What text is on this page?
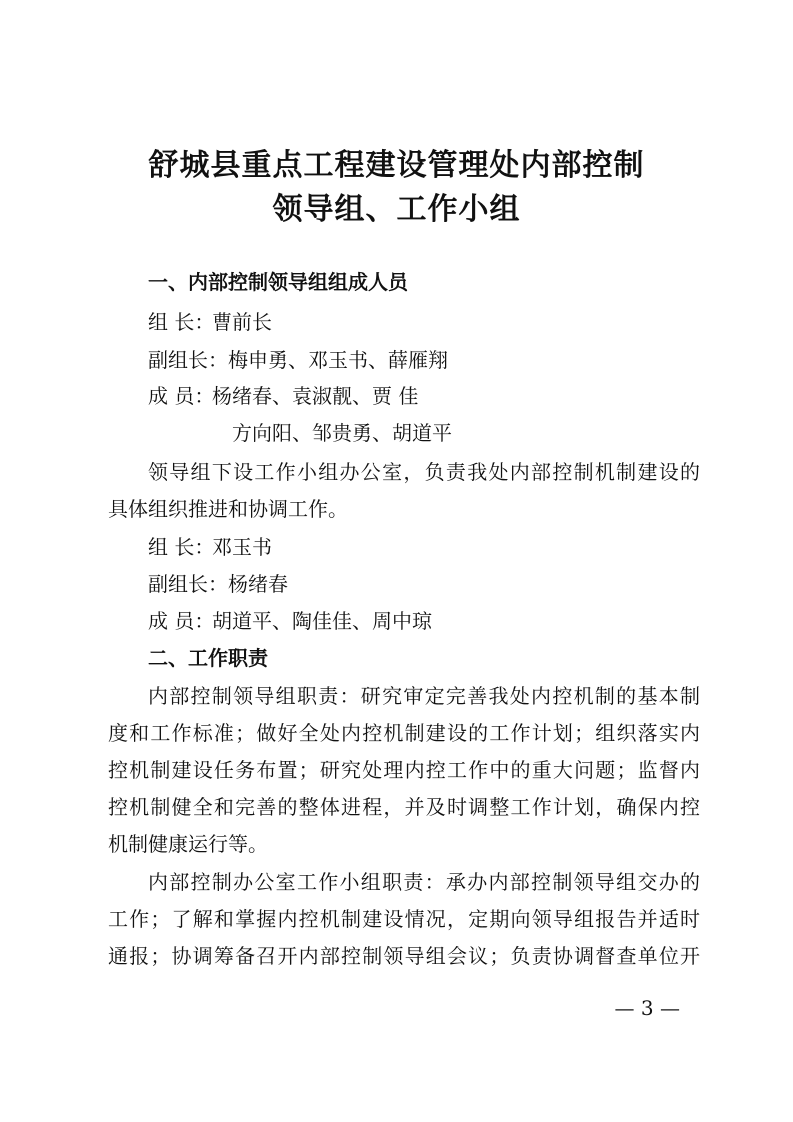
舒城县重点工程建设管理处内部控制
领导组、工作小组
一、内部控制领导组组成人员
组 长：曹前长
副组长：梅申勇、邓玉书、薛雁翔
成 员：杨绪春、袁淑靓、贾 佳
方向阳、邹贵勇、胡道平
领导组下设工作小组办公室，负责我处内部控制机制建设的
具体组织推进和协调工作。
组 长：邓玉书
副组长：杨绪春
成 员：胡道平、陶佳佳、周中琼
二、工作职责
内部控制领导组职责：研究审定完善我处内控机制的基本制
度和工作标准；做好全处内控机制建设的工作计划；组织落实内
控机制建设任务布置；研究处理内控工作中的重大问题；监督内
控机制健全和完善的整体进程，并及时调整工作计划，确保内控
机制健康运行等。
内部控制办公室工作小组职责：承办内部控制领导组交办的
工作；了解和掌握内控机制建设情况，定期向领导组报告并适时
通报；协调筹备召开内部控制领导组会议；负责协调督查单位开
— 3 —
